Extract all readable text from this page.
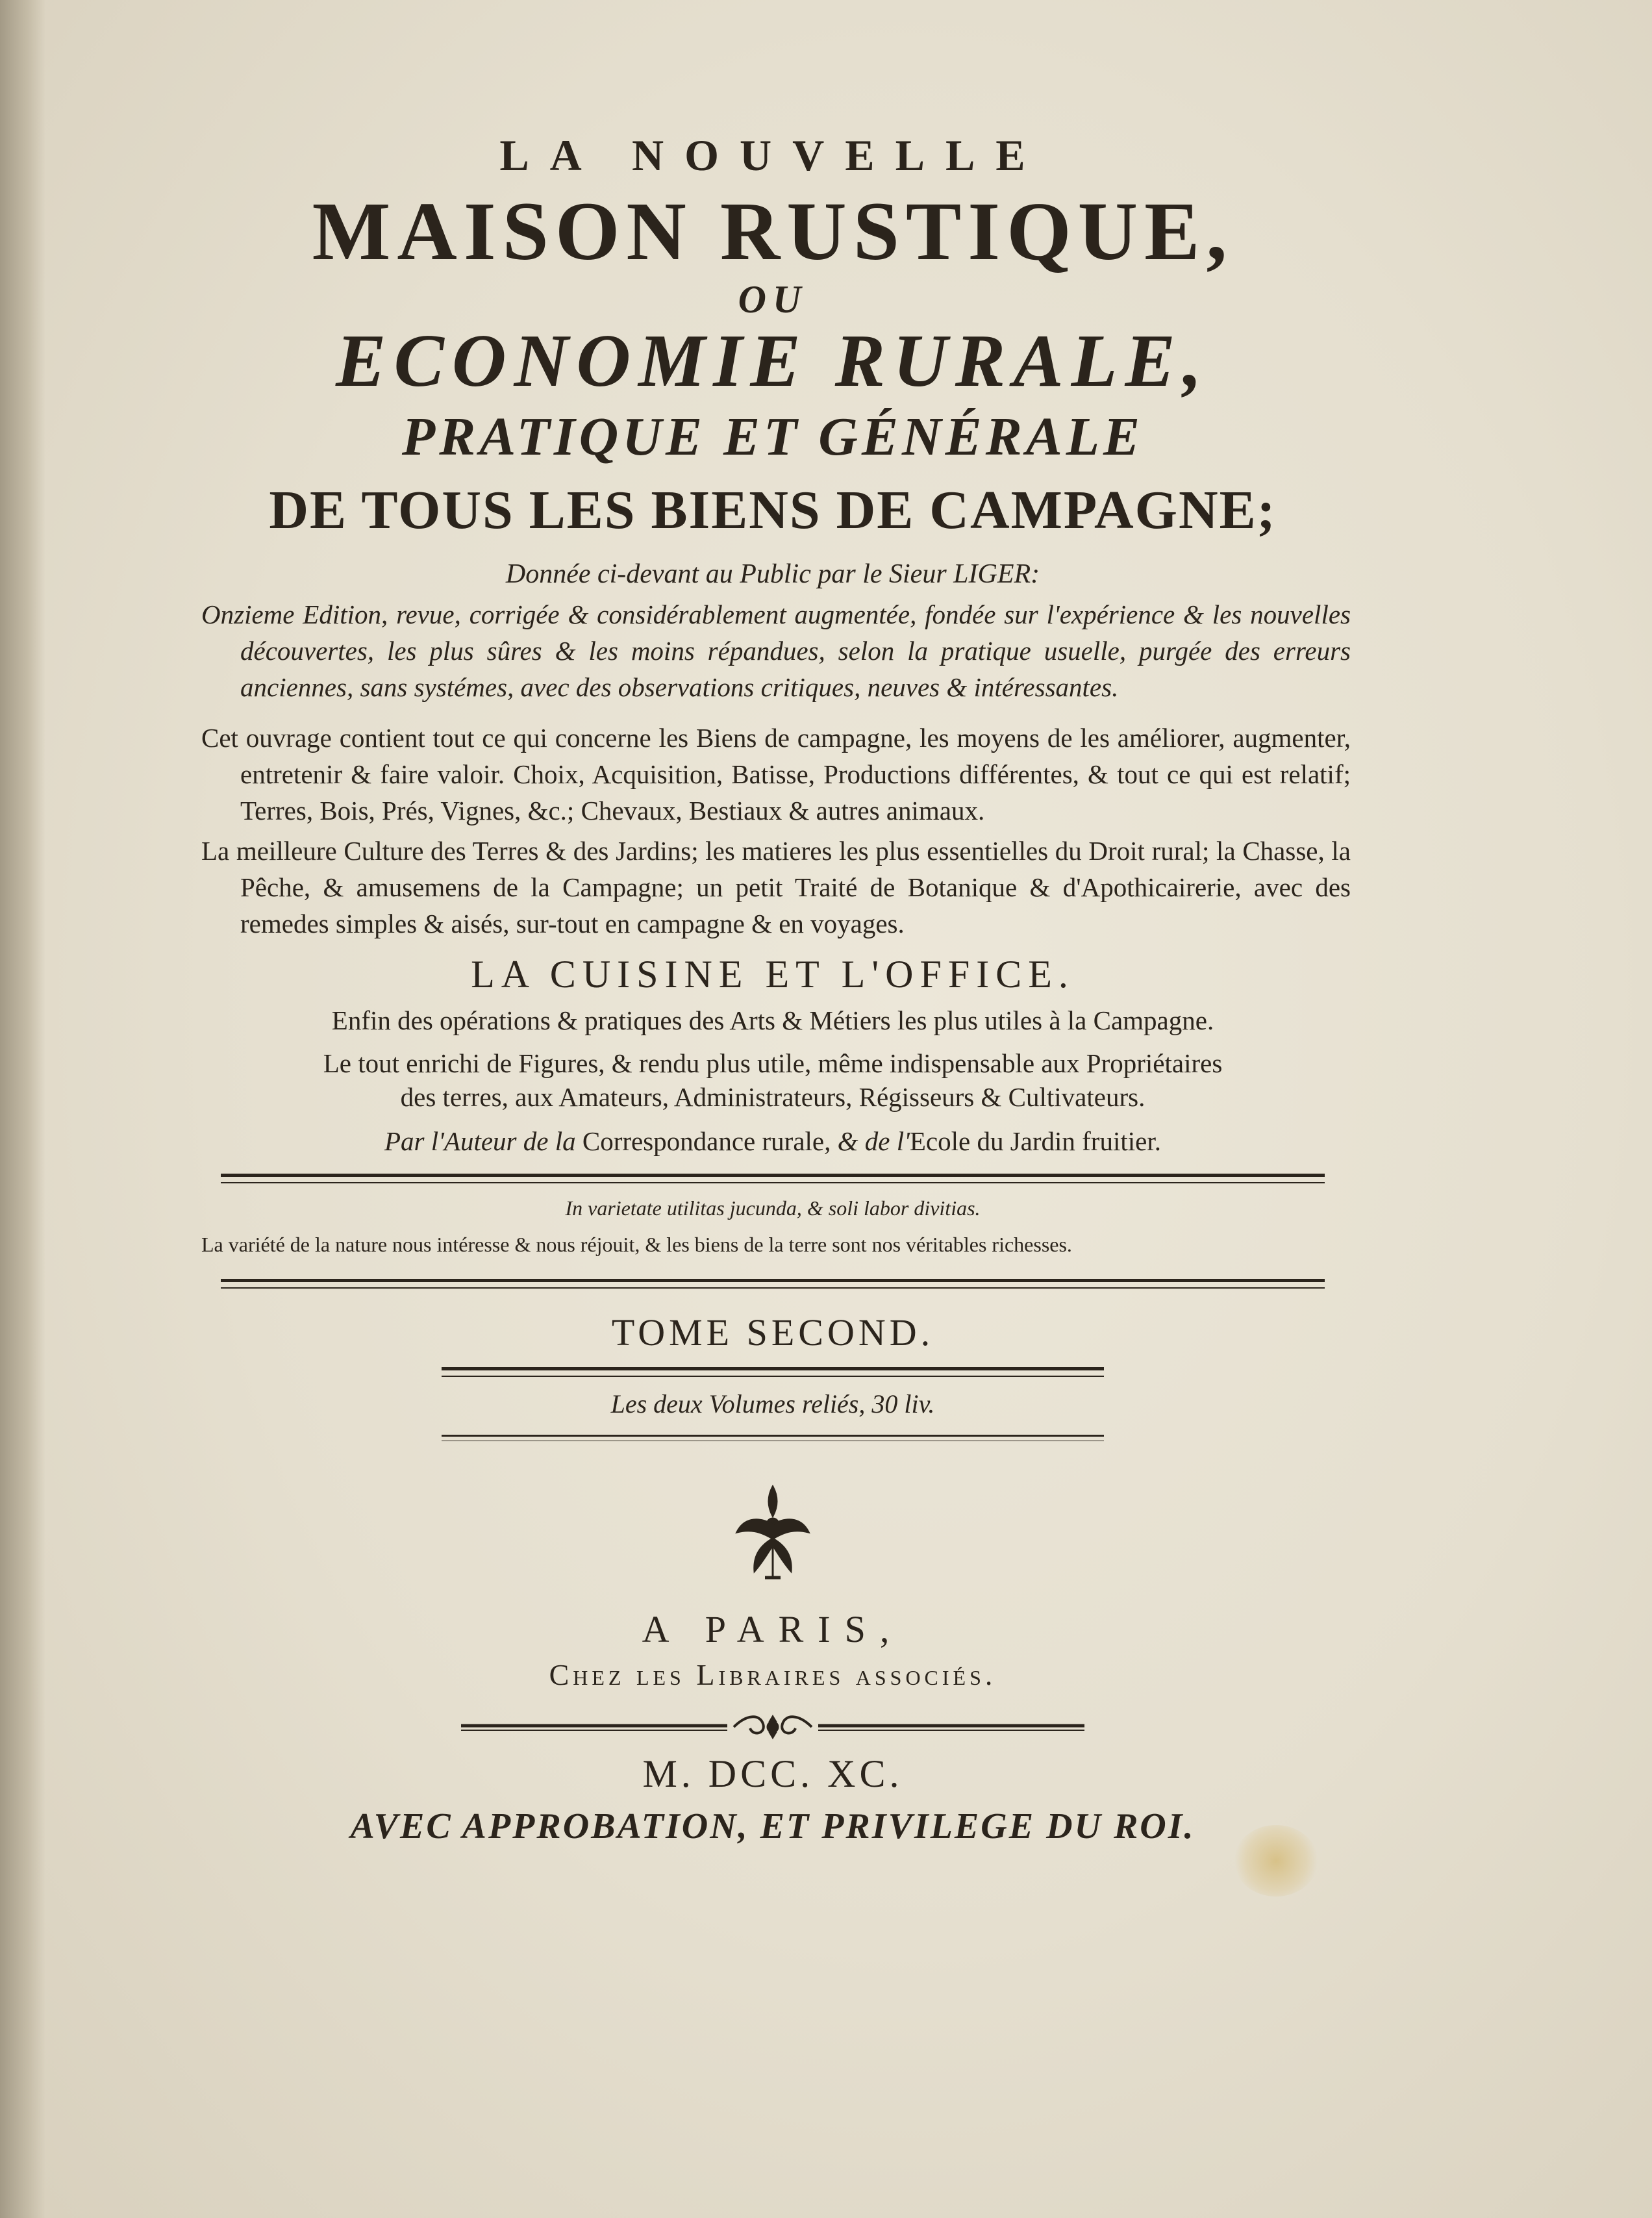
LA NOUVELLE
MAISON RUSTIQUE,
OU
ECONOMIE RURALE,
PRATIQUE ET GÉNÉRALE
DE TOUS LES BIENS DE CAMPAGNE;
Donnée ci-devant au Public par le Sieur LIGER:

Onzieme Edition, revue, corrigée & considérablement augmentée, fondée sur l'expérience & les nouvelles découvertes, les plus sûres & les moins répandues, selon la pratique usuelle, purgée des erreurs anciennes, sans systémes, avec des observations critiques, neuves & intéressantes.

Cet ouvrage contient tout ce qui concerne les Biens de campagne, les moyens de les améliorer, augmenter, entretenir & faire valoir. Choix, Acquisition, Batisse, Productions différentes, & tout ce qui est relatif; Terres, Bois, Prés, Vignes, &c.; Chevaux, Bestiaux & autres animaux.

La meilleure Culture des Terres & des Jardins; les matieres les plus essentielles du Droit rural; la Chasse, la Pêche, & amusemens de la Campagne; un petit Traité de Botanique & d'Apothicairerie, avec des remedes simples & aisés, sur-tout en campagne & en voyages.

LA CUISINE ET L'OFFICE.
Enfin des opérations & pratiques des Arts & Métiers les plus utiles à la Campagne.
Le tout enrichi de Figures, & rendu plus utile, même indispensable aux Propriétaires
des terres, aux Amateurs, Administrateurs, Régisseurs & Cultivateurs.
Par l'Auteur de la Correspondance rurale, & de l'Ecole du Jardin fruitier.
In varietate utilitas jucunda, & soli labor divitias.

La variété de la nature nous intéresse & nous réjouit, & les biens de la terre sont nos véritables richesses.

TOME SECOND.
Les deux Volumes reliés, 30 liv.
A PARIS,
Chez les Libraires associés.
M. DCC. XC.
AVEC APPROBATION, ET PRIVILEGE DU ROI.
